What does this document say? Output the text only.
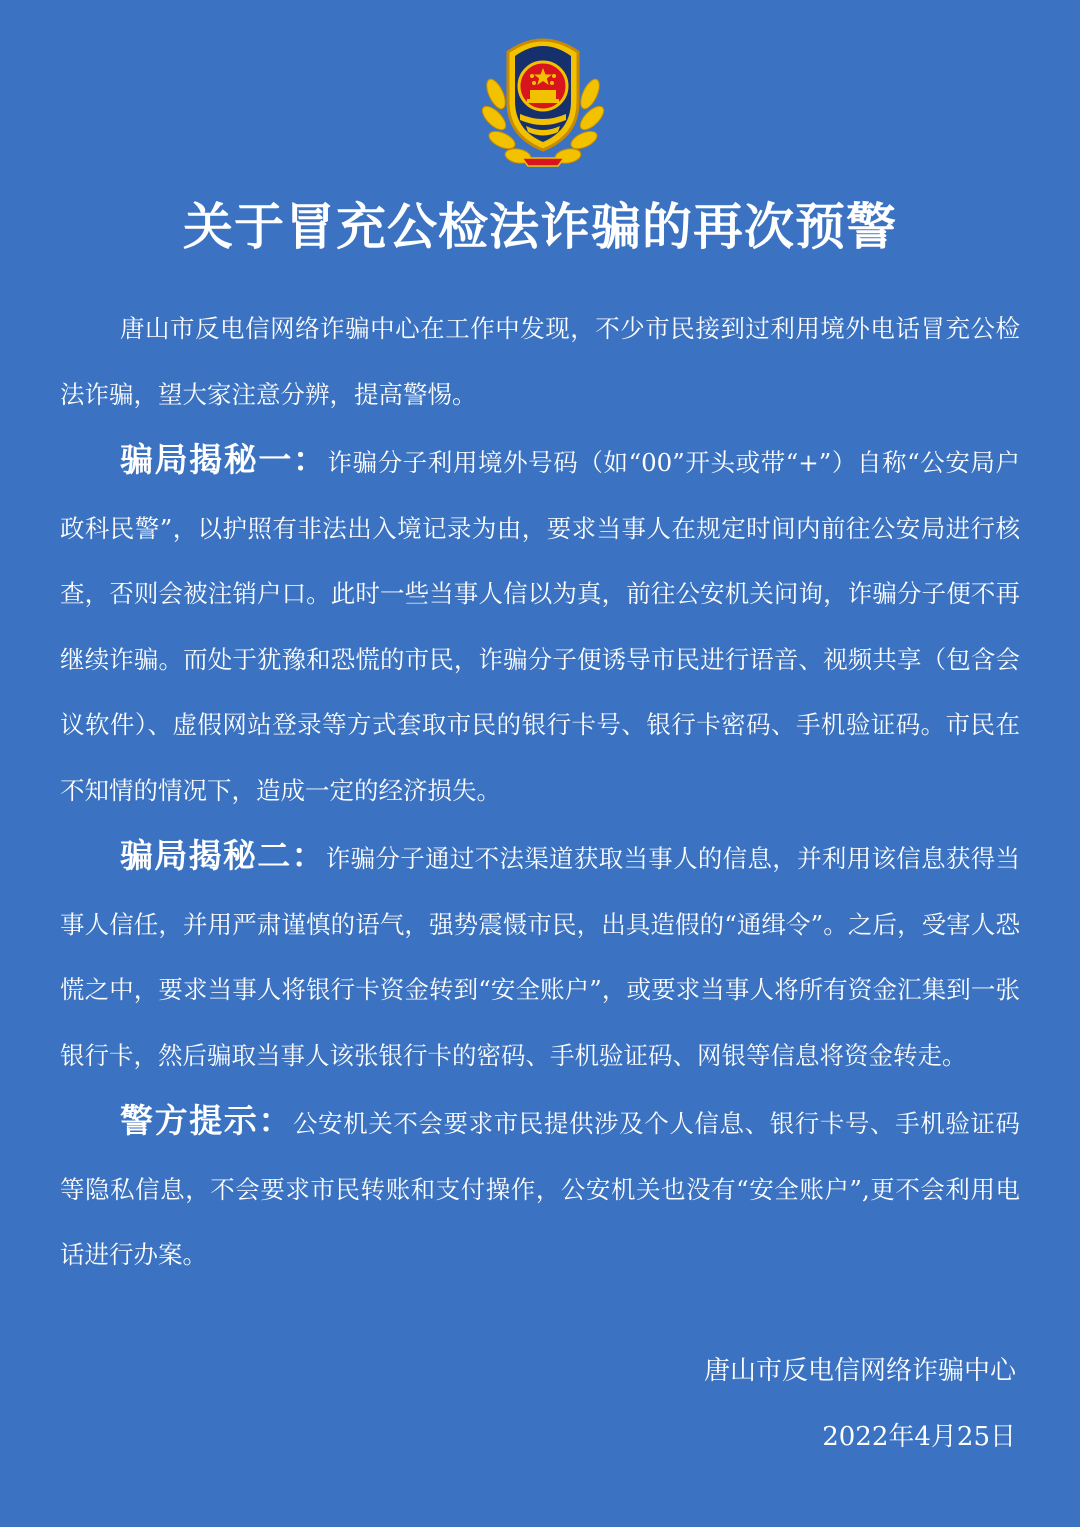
关于冒充公检法诈骗的再次预警

唐山市反电信网络诈骗中心在工作中发现，不少市民接到过利用境外电话冒充公检法诈骗，望大家注意分辨，提高警惕。

骗局揭秘一：诈骗分子利用境外号码（如“00”开头或带“+”）自称“公安局户政科民警”，以护照有非法出入境记录为由，要求当事人在规定时间内前往公安局进行核查，否则会被注销户口。此时一些当事人信以为真，前往公安机关问询，诈骗分子便不再继续诈骗。而处于犹豫和恐慌的市民，诈骗分子便诱导市民进行语音、视频共享（包含会议软件）、虚假网站登录等方式套取市民的银行卡号、银行卡密码、手机验证码。市民在不知情的情况下，造成一定的经济损失。

骗局揭秘二：诈骗分子通过不法渠道获取当事人的信息，并利用该信息获得当事人信任，并用严肃谨慎的语气，强势震慑市民，出具造假的“通缉令”。之后，受害人恐慌之中，要求当事人将银行卡资金转到“安全账户”，或要求当事人将所有资金汇集到一张银行卡，然后骗取当事人该张银行卡的密码、手机验证码、网银等信息将资金转走。

警方提示：公安机关不会要求市民提供涉及个人信息、银行卡号、手机验证码等隐私信息，不会要求市民转账和支付操作，公安机关也没有“安全账户”,更不会利用电话进行办案。

唐山市反电信网络诈骗中心
2022年4月25日
